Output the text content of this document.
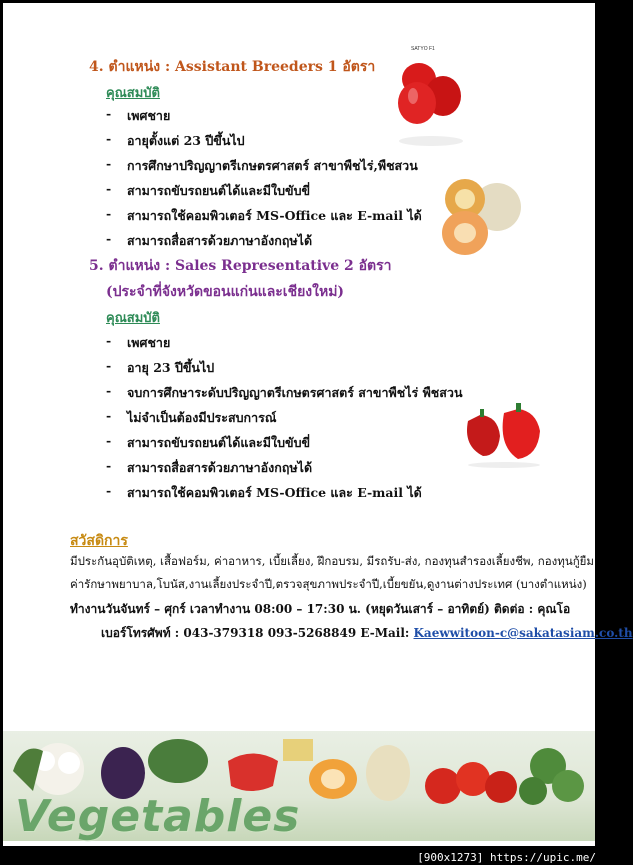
4. ตำแหน่ง : Assistant Breeders 1 อัตรา
คุณสมบัติ
- เพศชาย
- อายุตั้งแต่ 23 ปีขึ้นไป
- การศึกษาปริญญาตรีเกษตรศาสตร์ สาขาพืชไร่,พืชสวน
- สามารถขับรถยนต์ได้และมีใบขับขี่
- สามารถใช้คอมพิวเตอร์ MS-Office และ E-mail ได้
- สามารถสื่อสารด้วยภาษาอังกฤษได้
5. ตำแหน่ง : Sales Representative 2 อัตรา
(ประจำที่จังหวัดขอนแก่นและเชียงใหม่)
คุณสมบัติ
- เพศชาย
- อายุ 23 ปีขึ้นไป
- จบการศึกษาระดับปริญญาตรีเกษตรศาสตร์ สาขาพืชไร่ พืชสวน
- ไม่จำเป็นต้องมีประสบการณ์
- สามารถขับรถยนต์ได้และมีใบขับขี่
- สามารถสื่อสารด้วยภาษาอังกฤษได้
- สามารถใช้คอมพิวเตอร์ MS-Office และ E-mail ได้
สวัสดิการ
มีประกันอุบัติเหตุ, เสื้อฟอร์ม, ค่าอาหาร, เบี้ยเลี้ยง, ฝึกอบรม, มีรถรับ-ส่ง, กองทุนสำรองเลี้ยงชีพ, กองทุนกู้ยืม
ค่ารักษาพยาบาล,โบนัส,งานเลี้ยงประจำปี,ตรวจสุขภาพประจำปี,เบี้ยขยัน,ดูงานต่างประเทศ (บางตำแหน่ง)
ทำงานวันจันทร์ – ศุกร์ เวลาทำงาน 08:00 – 17:30 น. (หยุดวันเสาร์ – อาทิตย์) ติดต่อ : คุณโอ
เบอร์โทรศัพท์ : 043-379318 093-5268849 E-Mail: Kaewwitoon-c@sakatasiam.co.th
SATYO F1
Vegetables
[900x1273] https://upic.me/
